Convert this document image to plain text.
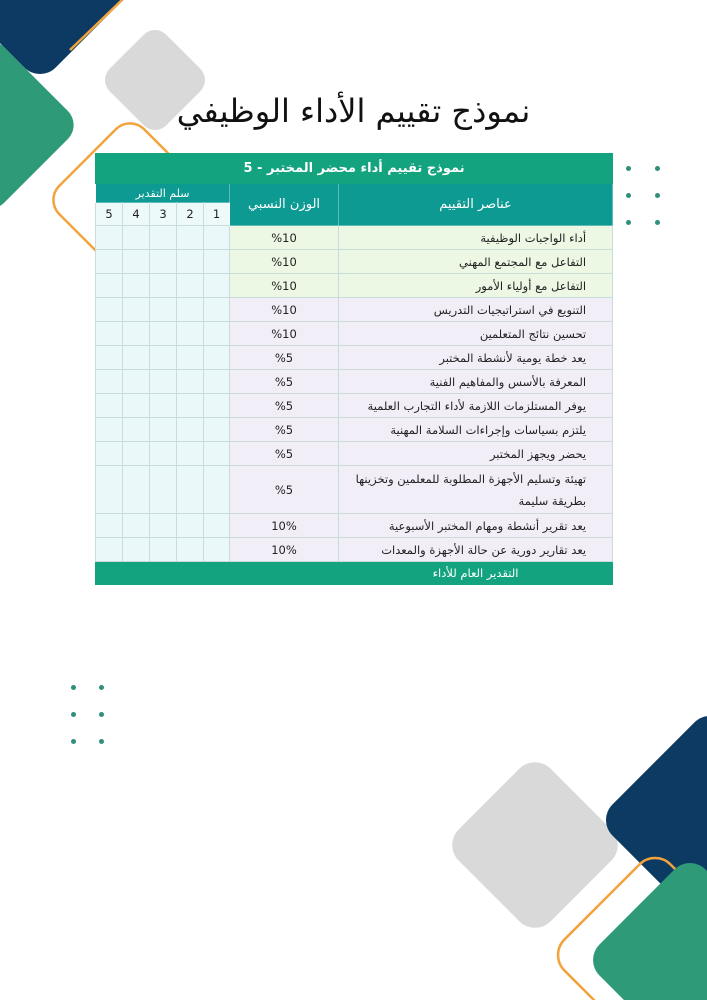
نموذج تقييم الأداء الوظيفي
5 - نموذج تقييم أداء محضر المختبر						
سلم التقدير					الوزن النسبي	عناصر التقييم
5	4	3	2	1		
					%10	أداء الواجبات الوظيفية
					%10	التفاعل مع المجتمع المهني
					%10	التفاعل مع أولياء الأمور
					%10	التنويع في استراتيجيات التدريس
					%10	تحسين نتائج المتعلمين
					%5	يعد خطة يومية لأنشطة المختبر
					%5	المعرفة بالأسس والمفاهيم الفنية
					%5	يوفر المستلزمات اللازمة لأداء التجارب العلمية
					%5	يلتزم بسياسات وإجراءات السلامة المهنية
					%5	يحضر ويجهز المختبر
					%5	تهيئة وتسليم الأجهزة المطلوبة للمعلمين وتخزينها بطريقة سليمة
					10%	يعد تقرير أنشطة ومهام المختبر الأسبوعية
					10%	يعد تقارير دورية عن حالة الأجهزة والمعدات
						التقدير العام للأداء
